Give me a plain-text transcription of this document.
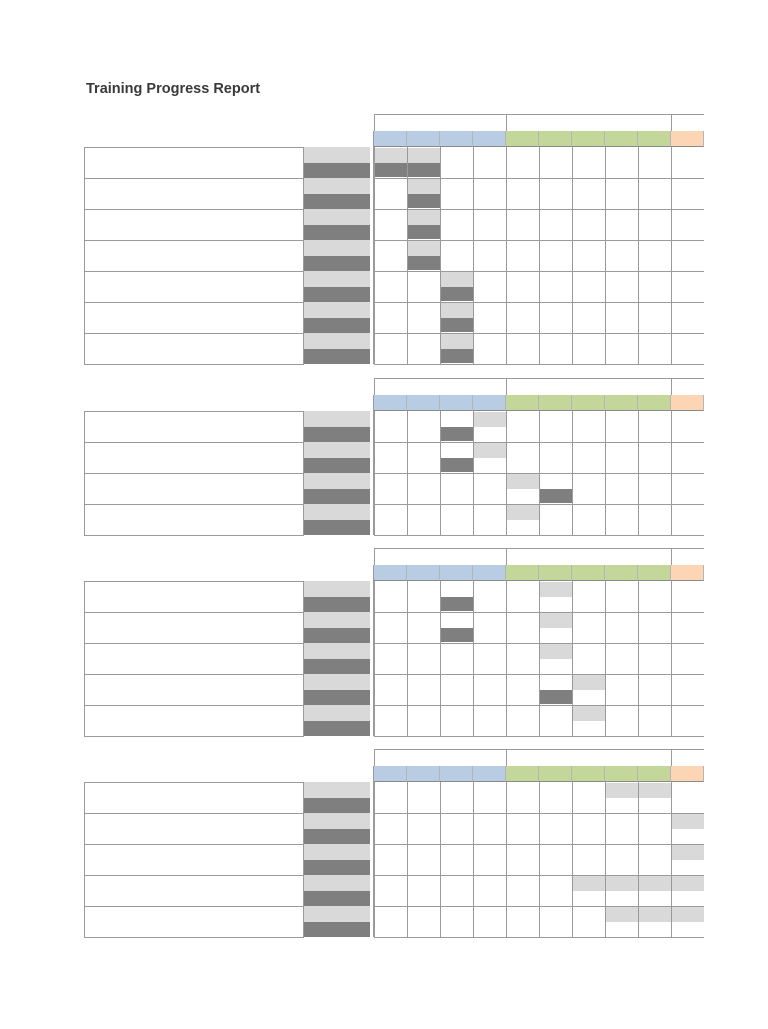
Training Progress Report
